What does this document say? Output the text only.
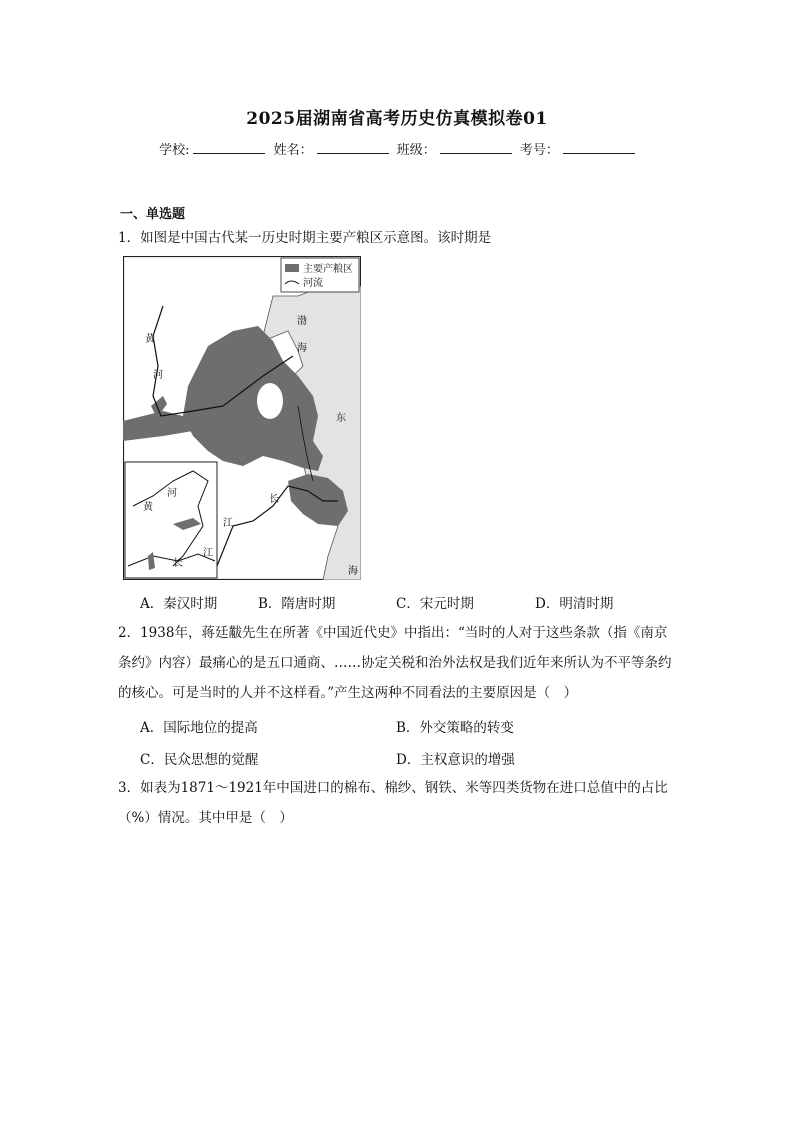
2025届湖南省高考历史仿真模拟卷01
学校:	姓名：	班级：	考号：
一、单选题
1．如图是中国古代某一历史时期主要产粮区示意图。该时期是
主要产粮区
河流
渤
海
东
黄
河
长
江
黄
河
长
江
海
A．秦汉时期	B．隋唐时期	C．宋元时期	D．明清时期
2．1938年，蒋廷黻先生在所著《中国近代史》中指出：“当时的人对于这些条款（指《南京条约》内容）最痛心的是五口通商、……协定关税和治外法权是我们近年来所认为不平等条约的核心。可是当时的人并不这样看。”产生这两种不同看法的主要原因是（　）
A．国际地位的提高	B．外交策略的转变
C．民众思想的觉醒	D．主权意识的增强
3．如表为1871～1921年中国进口的棉布、棉纱、钢铁、米等四类货物在进口总值中的占比（%）情况。其中甲是（　）
